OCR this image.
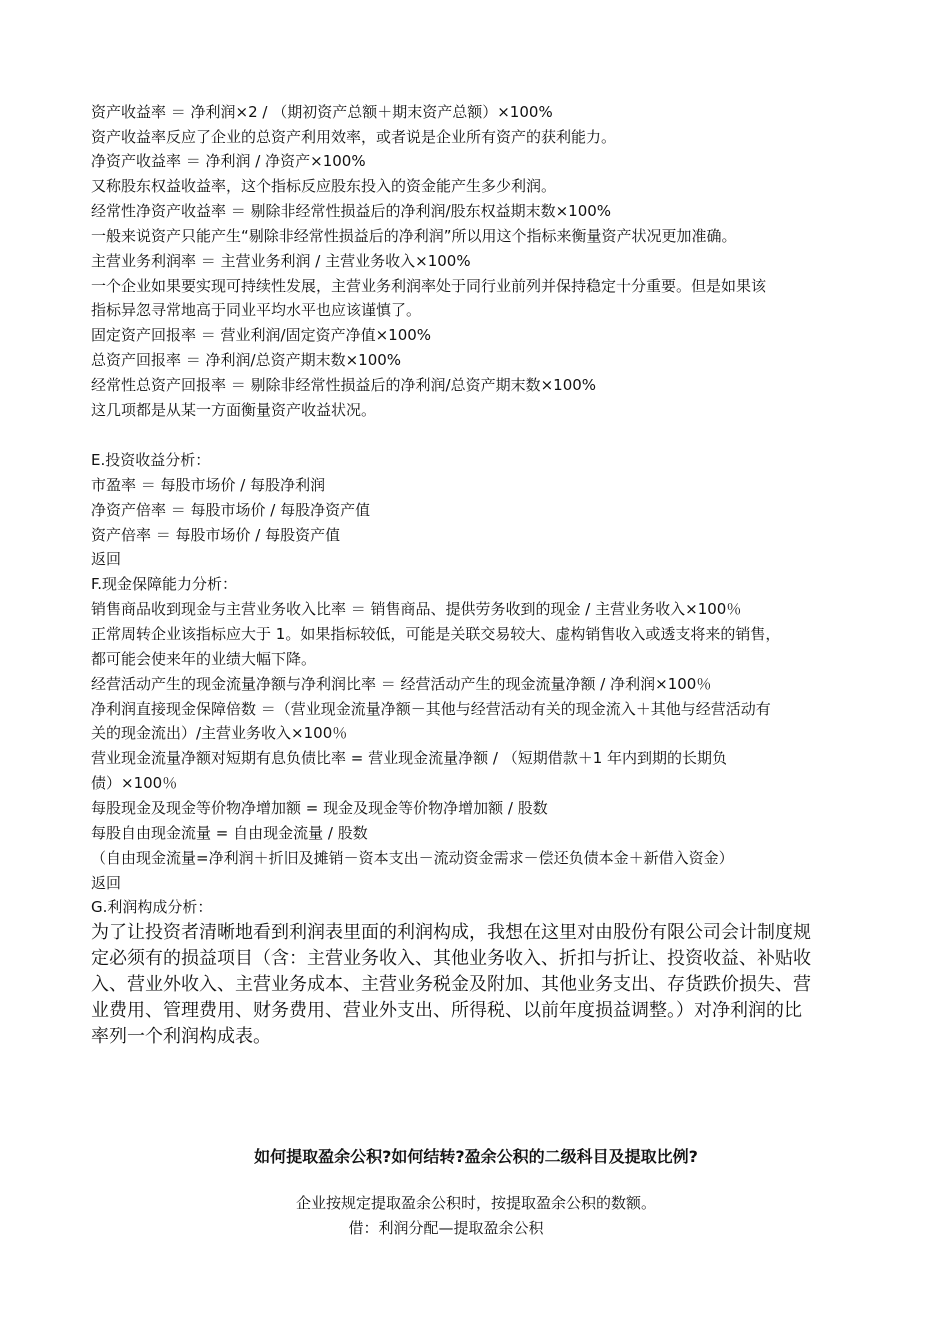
资产收益率 ＝ 净利润×2 / （期初资产总额＋期末资产总额）×100%
资产收益率反应了企业的总资产利用效率，或者说是企业所有资产的获利能力。
净资产收益率 ＝ 净利润 / 净资产×100%
又称股东权益收益率，这个指标反应股东投入的资金能产生多少利润。
经常性净资产收益率 ＝ 剔除非经常性损益后的净利润/股东权益期末数×100%
一般来说资产只能产生“剔除非经常性损益后的净利润”所以用这个指标来衡量资产状况更加准确。
主营业务利润率 ＝ 主营业务利润 / 主营业务收入×100%
一个企业如果要实现可持续性发展，主营业务利润率处于同行业前列并保持稳定十分重要。但是如果该
指标异忽寻常地高于同业平均水平也应该谨慎了。
固定资产回报率 ＝ 营业利润/固定资产净值×100%
总资产回报率 ＝ 净利润/总资产期末数×100%
经常性总资产回报率 ＝ 剔除非经常性损益后的净利润/总资产期末数×100%
这几项都是从某一方面衡量资产收益状况。
E.投资收益分析：
市盈率 ＝ 每股市场价 / 每股净利润
净资产倍率 ＝ 每股市场价 / 每股净资产值
资产倍率 ＝ 每股市场价 / 每股资产值
返回
F.现金保障能力分析：
销售商品收到现金与主营业务收入比率 ＝ 销售商品、提供劳务收到的现金 / 主营业务收入×100％
正常周转企业该指标应大于 1。如果指标较低，可能是关联交易较大、虚构销售收入或透支将来的销售，
都可能会使来年的业绩大幅下降。
经营活动产生的现金流量净额与净利润比率 ＝ 经营活动产生的现金流量净额 / 净利润×100％
净利润直接现金保障倍数 ＝（营业现金流量净额－其他与经营活动有关的现金流入＋其他与经营活动有
关的现金流出）/主营业务收入×100％
营业现金流量净额对短期有息负债比率 = 营业现金流量净额 / （短期借款＋1 年内到期的长期负
债）×100％
每股现金及现金等价物净增加额 = 现金及现金等价物净增加额 / 股数
每股自由现金流量 = 自由现金流量 / 股数
（自由现金流量=净利润＋折旧及摊销－资本支出－流动资金需求－偿还负债本金＋新借入资金）
返回
G.利润构成分析：
为了让投资者清晰地看到利润表里面的利润构成，我想在这里对由股份有限公司会计制度规
定必须有的损益项目（含：主营业务收入、其他业务收入、折扣与折让、投资收益、补贴收
入、营业外收入、主营业务成本、主营业务税金及附加、其他业务支出、存货跌价损失、营
业费用、管理费用、财务费用、营业外支出、所得税、以前年度损益调整。）对净利润的比
率列一个利润构成表。
如何提取盈余公积?如何结转?盈余公积的二级科目及提取比例?
企业按规定提取盈余公积时，按提取盈余公积的数额。
借：利润分配—提取盈余公积
